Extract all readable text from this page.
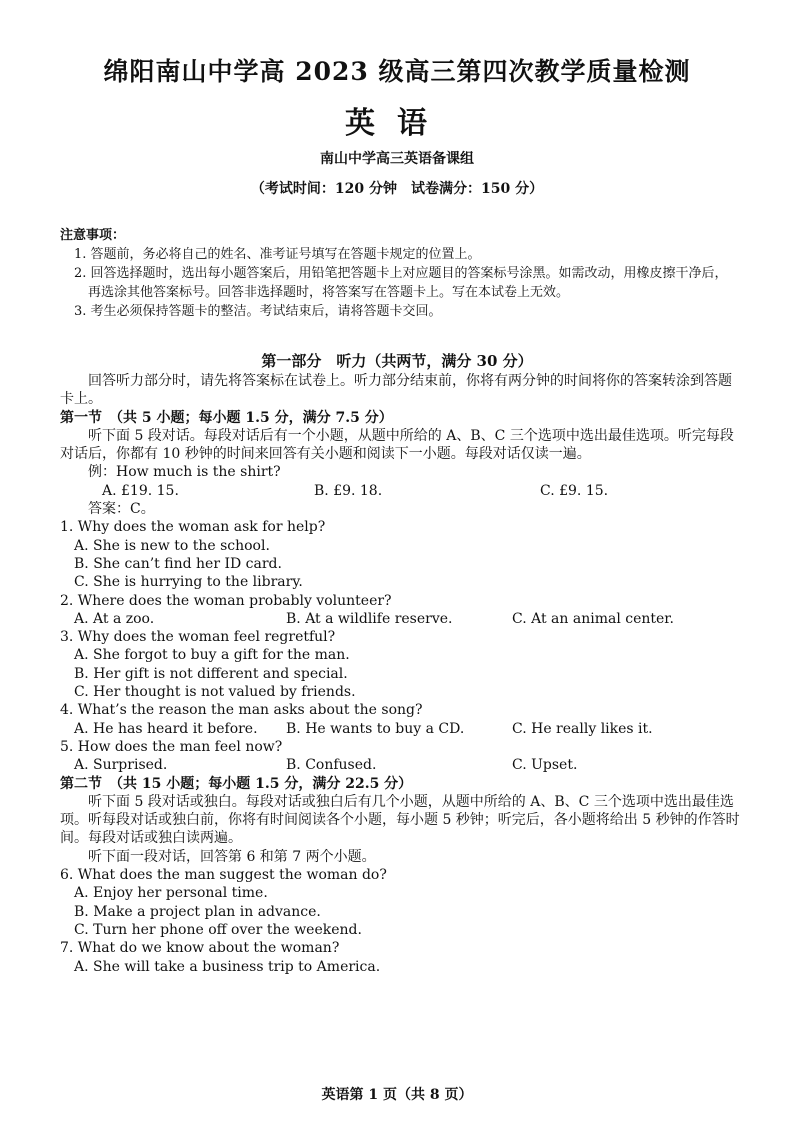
绵阳南山中学高 2023 级高三第四次教学质量检测
英语
南山中学高三英语备课组
（考试时间：120 分钟　试卷满分：150 分）
注意事项：
1. 答题前，务必将自己的姓名、准考证号填写在答题卡规定的位置上。
2. 回答选择题时，选出每小题答案后，用铅笔把答题卡上对应题目的答案标号涂黑。如需改动，用橡皮擦干净后，再选涂其他答案标号。回答非选择题时，将答案写在答题卡上。写在本试卷上无效。
3. 考生必须保持答题卡的整洁。考试结束后，请将答题卡交回。
第一部分　听力（共两节，满分 30 分）
回答听力部分时，请先将答案标在试卷上。听力部分结束前，你将有两分钟的时间将你的答案转涂到答题卡上。
第一节　（共 5 小题；每小题 1.5 分，满分 7.5 分）
听下面 5 段对话。每段对话后有一个小题，从题中所给的 A、B、C 三个选项中选出最佳选项。听完每段对话后，你都有 10 秒钟的时间来回答有关小题和阅读下一小题。每段对话仅读一遍。
例：How much is the shirt?
A. £19. 15.	B. £9. 18.	C. £9. 15.
答案：C。
1. Why does the woman ask for help?
A. She is new to the school.
B. She can’t find her ID card.
C. She is hurrying to the library.
2. Where does the woman probably volunteer?
A. At a zoo.	B. At a wildlife reserve.	C. At an animal center.
3. Why does the woman feel regretful?
A. She forgot to buy a gift for the man.
B. Her gift is not different and special.
C. Her thought is not valued by friends.
4. What’s the reason the man asks about the song?
A. He has heard it before.	B. He wants to buy a CD.	C. He really likes it.
5. How does the man feel now?
A. Surprised.	B. Confused.	C. Upset.
第二节　（共 15 小题；每小题 1.5 分，满分 22.5 分）
听下面 5 段对话或独白。每段对话或独白后有几个小题，从题中所给的 A、B、C 三个选项中选出最佳选项。听每段对话或独白前，你将有时间阅读各个小题，每小题 5 秒钟；听完后，各小题将给出 5 秒钟的作答时间。每段对话或独白读两遍。
听下面一段对话，回答第 6 和第 7 两个小题。
6. What does the man suggest the woman do?
A. Enjoy her personal time.
B. Make a project plan in advance.
C. Turn her phone off over the weekend.
7. What do we know about the woman?
A. She will take a business trip to America.
英语第 1 页（共 8 页）
